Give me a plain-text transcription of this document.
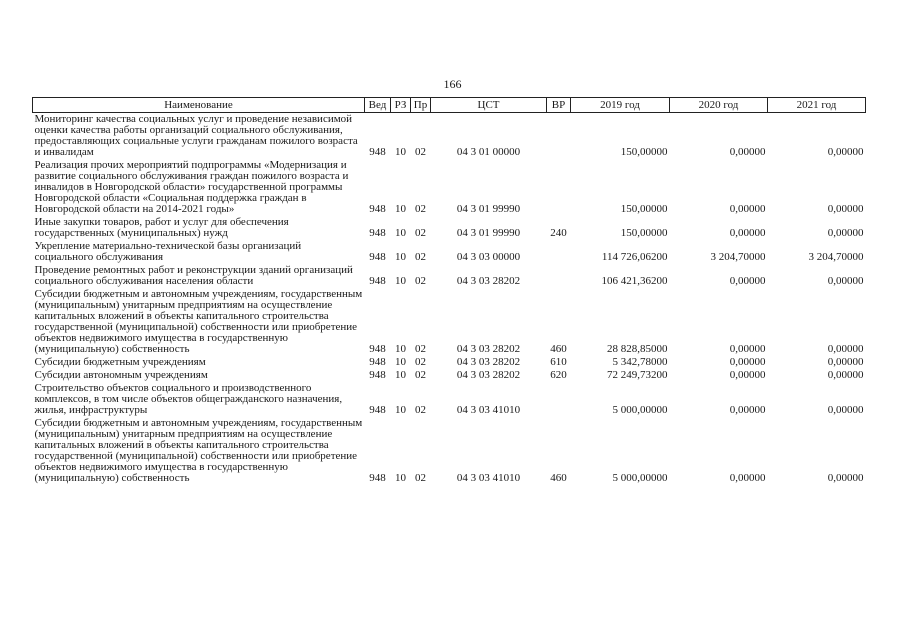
166
Наименование	Вед	РЗ	Пр	ЦСТ	ВР	2019 год	2020 год	2021 год
Мониторинг качества социальных услуг и проведение независимой оценки качества работы организаций социального обслуживания, предоставляющих социальные услуги гражданам пожилого возраста и инвалидам	948	10	02	04 3 01 00000		150,00000	0,00000	0,00000
Реализация прочих мероприятий подпрограммы «Модернизация и развитие социального обслуживания граждан пожилого возраста и инвалидов в Новгородской области» государственной программы Новгородской области «Социальная поддержка граждан в Новгородской области на 2014-2021 годы»	948	10	02	04 3 01 99990		150,00000	0,00000	0,00000
Иные закупки товаров, работ и услуг для обеспечения государственных (муниципальных) нужд	948	10	02	04 3 01 99990	240	150,00000	0,00000	0,00000
Укрепление материально-технической базы организаций социального обслуживания	948	10	02	04 3 03 00000		114 726,06200	3 204,70000	3 204,70000
Проведение ремонтных работ и реконструкции зданий организаций социального обслуживания населения области	948	10	02	04 3 03 28202		106 421,36200	0,00000	0,00000
Субсидии бюджетным и автономным учреждениям, государственным (муниципальным) унитарным предприятиям на осуществление капитальных вложений в объекты капитального строительства государственной (муниципальной) собственности или приобретение объектов недвижимого имущества в государственную (муниципальную) собственность	948	10	02	04 3 03 28202	460	28 828,85000	0,00000	0,00000
Субсидии бюджетным учреждениям	948	10	02	04 3 03 28202	610	5 342,78000	0,00000	0,00000
Субсидии автономным учреждениям	948	10	02	04 3 03 28202	620	72 249,73200	0,00000	0,00000
Строительство объектов социального и производственного комплексов, в том числе объектов общегражданского назначения, жилья, инфраструктуры	948	10	02	04 3 03 41010		5 000,00000	0,00000	0,00000
Субсидии бюджетным и автономным учреждениям, государственным (муниципальным) унитарным предприятиям на осуществление капитальных вложений в объекты капитального строительства государственной (муниципальной) собственности или приобретение объектов недвижимого имущества в государственную (муниципальную) собственность	948	10	02	04 3 03 41010	460	5 000,00000	0,00000	0,00000
